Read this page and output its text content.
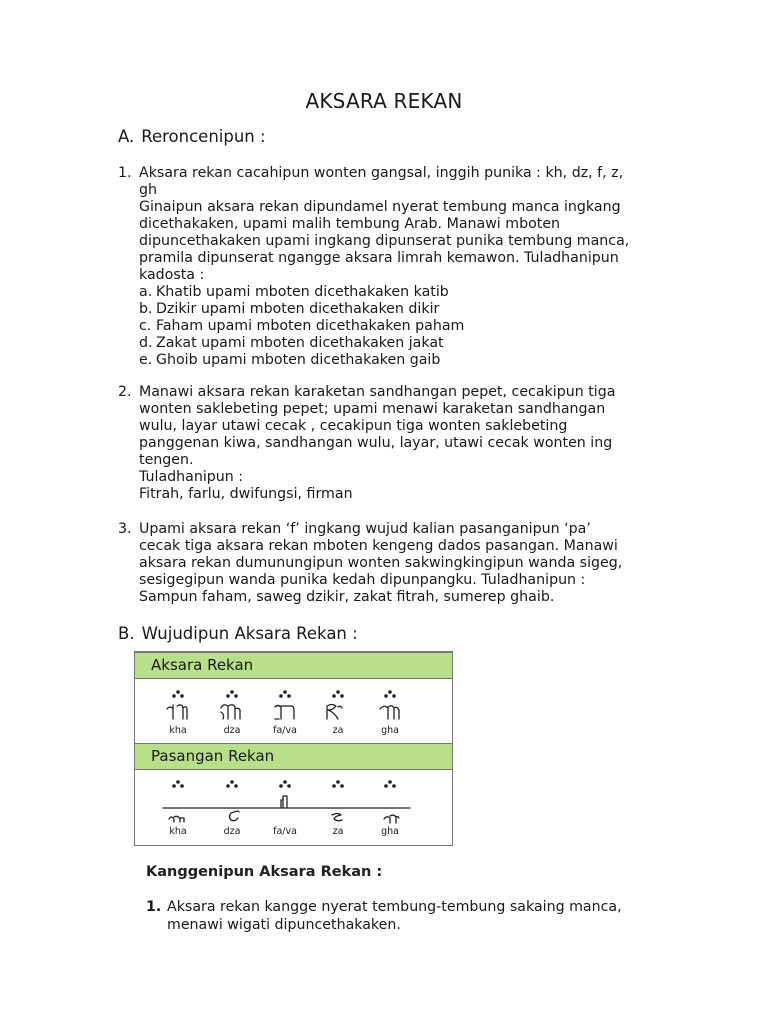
AKSARA REKAN
A. Reroncenipun :
1. Aksara rekan cacahipun wonten gangsal, inggih punika : kh, dz, f, z,
gh
Ginaipun aksara rekan dipundamel nyerat tembung manca ingkang
dicethakaken, upami malih tembung Arab. Manawi mboten
dipuncethakaken upami ingkang dipunserat punika tembung manca,
pramila dipunserat ngangge aksara limrah kemawon. Tuladhanipun
kadosta :
a. Khatib upami mboten dicethakaken katib
b. Dzikir upami mboten dicethakaken dikir
c. Faham upami mboten dicethakaken paham
d. Zakat upami mboten dicethakaken jakat
e. Ghoib upami mboten dicethakaken gaib
2. Manawi aksara rekan karaketan sandhangan pepet, cecakipun tiga
wonten saklebeting pepet; upami menawi karaketan sandhangan
wulu, layar utawi cecak , cecakipun tiga wonten saklebeting
panggenan kiwa, sandhangan wulu, layar, utawi cecak wonten ing
tengen.
Tuladhanipun :
Fitrah, farlu, dwifungsi, firman
3. Upami aksara rekan ‘f’ ingkang wujud kalian pasanganipun ‘pa’
cecak tiga aksara rekan mboten kengeng dados pasangan. Manawi
aksara rekan dumunungipun wonten sakwingkingipun wanda sigeg,
sesigegipun wanda punika kedah dipunpangku. Tuladhanipun :
Sampun faham, saweg dzikir, zakat fitrah, sumerep ghaib.
B. Wujudipun Aksara Rekan :
Aksara Rekan
Pasangan Rekan
kha	dza	fa/va	za	gha
kha	dza	fa/va	za	gha
Kanggenipun Aksara Rekan :
1. Aksara rekan kangge nyerat tembung-tembung sakaing manca,
menawi wigati dipuncethakaken.
